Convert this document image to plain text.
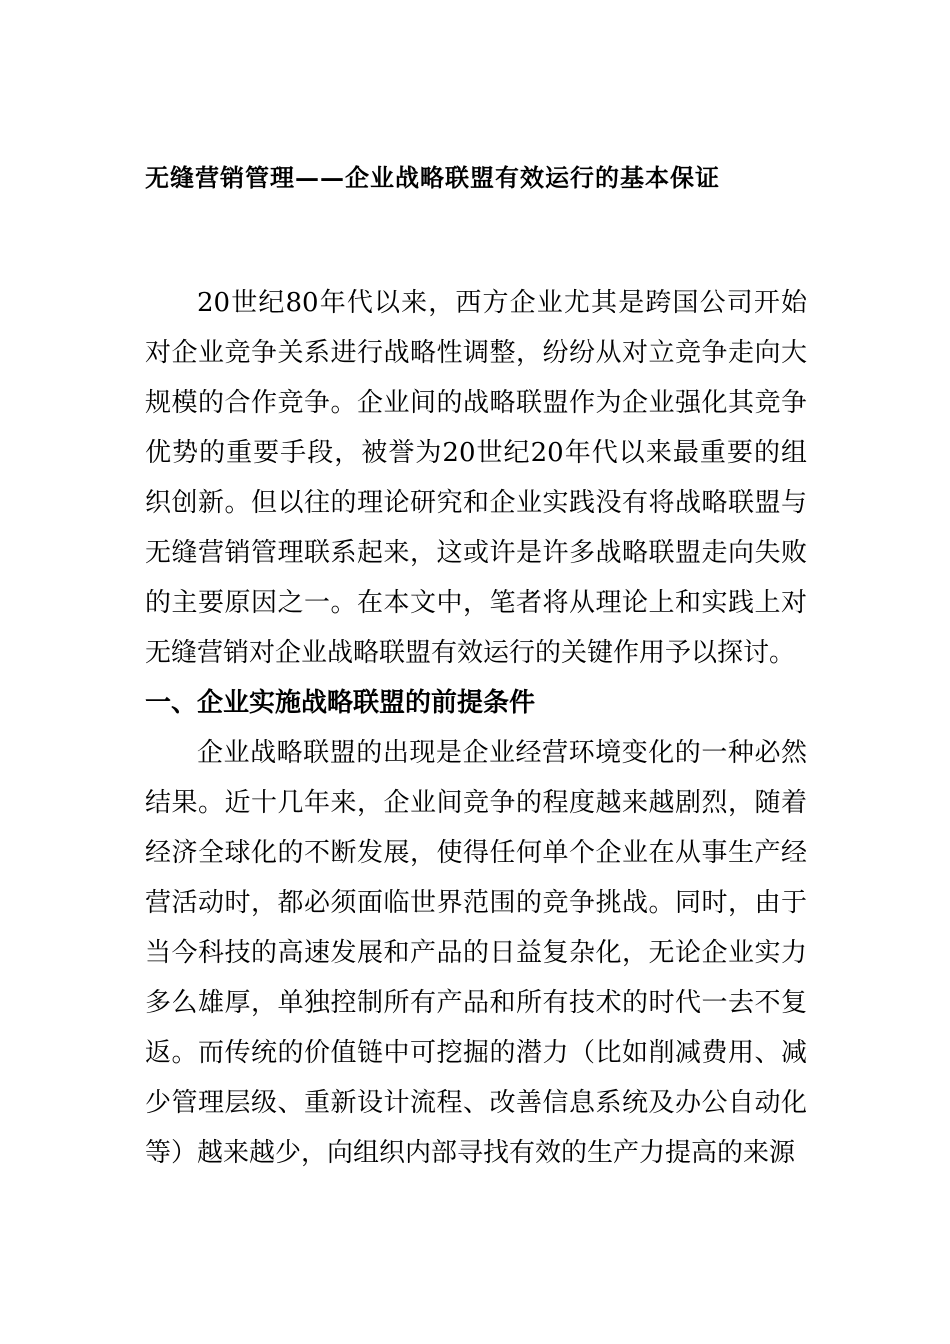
无缝营销管理——企业战略联盟有效运行的基本保证

20世纪80年代以来，西方企业尤其是跨国公司开始对企业竞争关系进行战略性调整，纷纷从对立竞争走向大规模的合作竞争。企业间的战略联盟作为企业强化其竞争优势的重要手段，被誉为20世纪20年代以来最重要的组织创新。但以往的理论研究和企业实践没有将战略联盟与无缝营销管理联系起来，这或许是许多战略联盟走向失败的主要原因之一。在本文中，笔者将从理论上和实践上对无缝营销对企业战略联盟有效运行的关键作用予以探讨。

一、企业实施战略联盟的前提条件

企业战略联盟的出现是企业经营环境变化的一种必然结果。近十几年来，企业间竞争的程度越来越剧烈，随着经济全球化的不断发展，使得任何单个企业在从事生产经营活动时，都必须面临世界范围的竞争挑战。同时，由于当今科技的高速发展和产品的日益复杂化，无论企业实力多么雄厚，单独控制所有产品和所有技术的时代一去不复返。而传统的价值链中可挖掘的潜力（比如削减费用、减少管理层级、重新设计流程、改善信息系统及办公自动化等）越来越少，向组织内部寻找有效的生产力提高的来源
